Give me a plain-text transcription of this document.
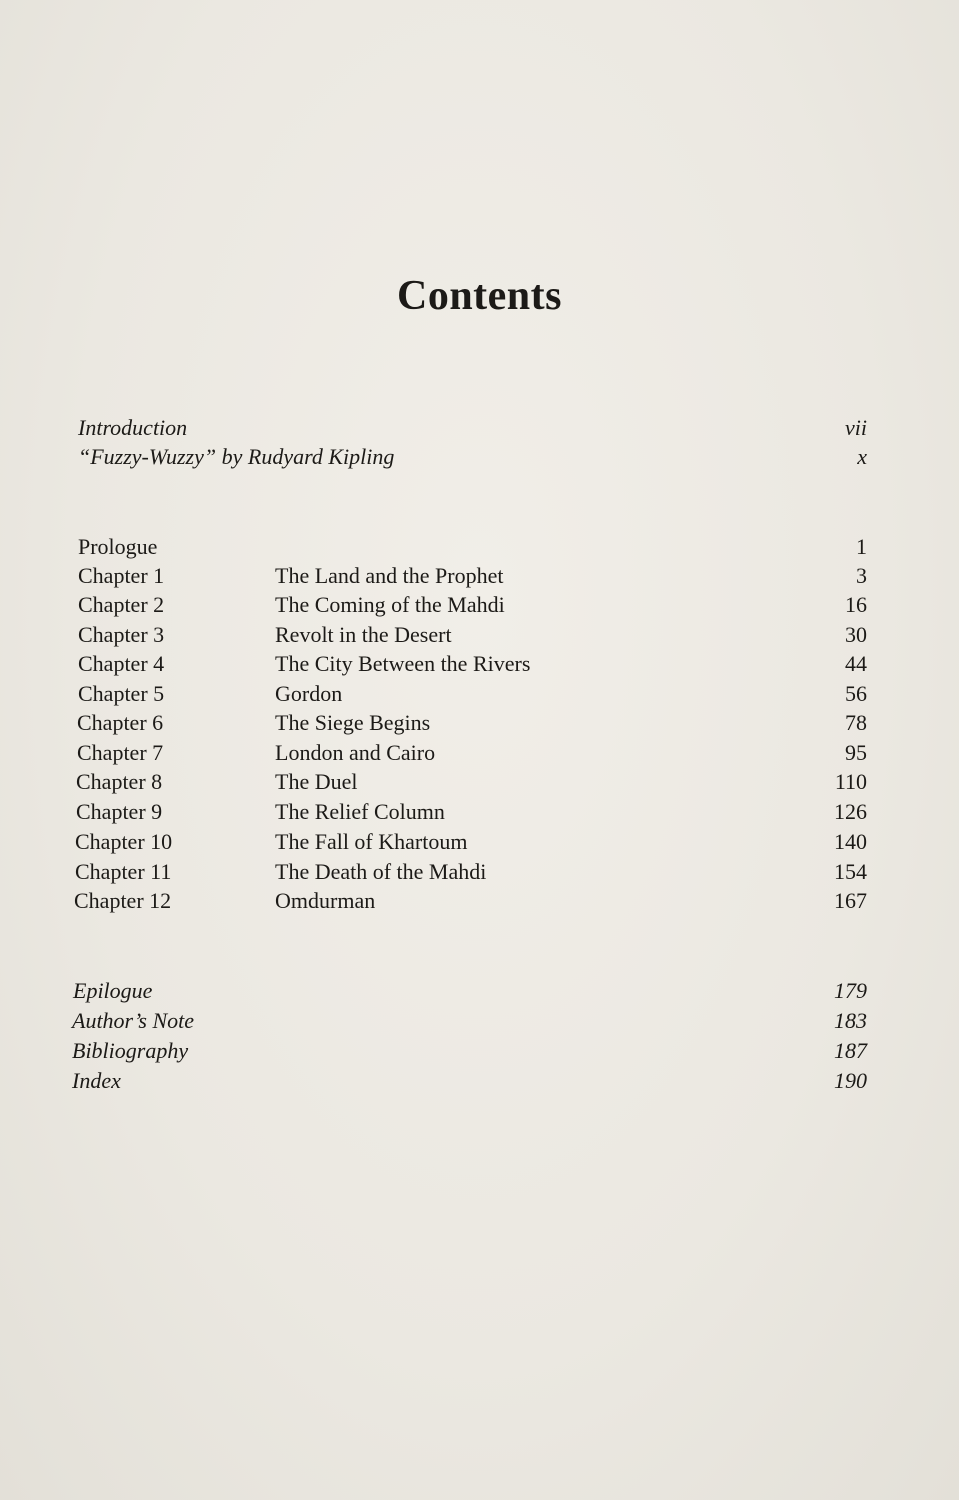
Contents
Introduction	vii
“Fuzzy-Wuzzy” by Rudyard Kipling	x
Prologue	1
Chapter 1	The Land and the Prophet	3
Chapter 2	The Coming of the Mahdi	16
Chapter 3	Revolt in the Desert	30
Chapter 4	The City Between the Rivers	44
Chapter 5	Gordon	56
Chapter 6	The Siege Begins	78
Chapter 7	London and Cairo	95
Chapter 8	The Duel	110
Chapter 9	The Relief Column	126
Chapter 10	The Fall of Khartoum	140
Chapter 11	The Death of the Mahdi	154
Chapter 12	Omdurman	167
Epilogue	179
Author’s Note	183
Bibliography	187
Index	190
